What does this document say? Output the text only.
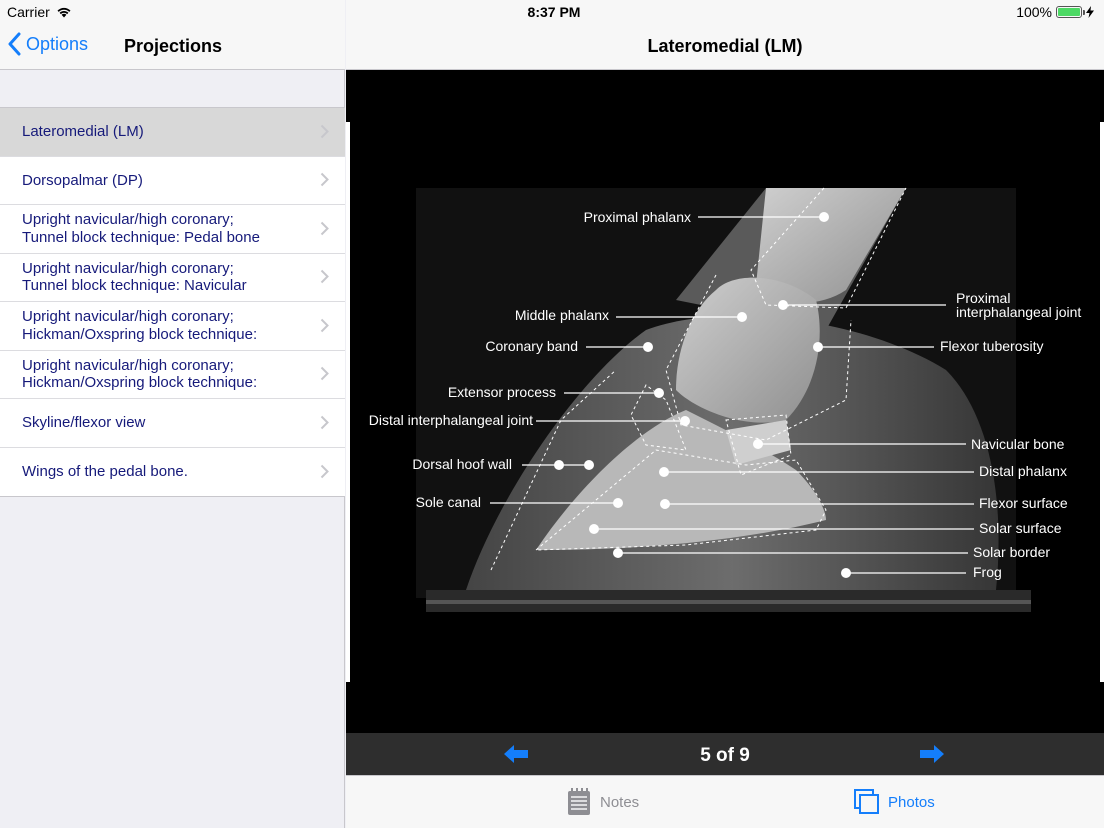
Carrier
Options Projections
Lateromedial (LM)
Dorsopalmar (DP)
Upright navicular/high coronary;
Tunnel block technique: Pedal bone
Upright navicular/high coronary;
Tunnel block technique: Navicular
Upright navicular/high coronary;
Hickman/Oxspring block technique:
Upright navicular/high coronary;
Hickman/Oxspring block technique:
Skyline/flexor view
Wings of the pedal bone.
8:37 PM	100%
Lateromedial (LM)
Proximal phalanx
Proximal
interphalangeal joint
Middle phalanx
Flexor tuberosity
Coronary band
Extensor process
Distal interphalangeal joint
Navicular bone
Dorsal hoof wall	Distal phalanx
Sole canal	Flexor surface
Solar surface
Solar border
Frog
5 of 9
Notes	Photos
